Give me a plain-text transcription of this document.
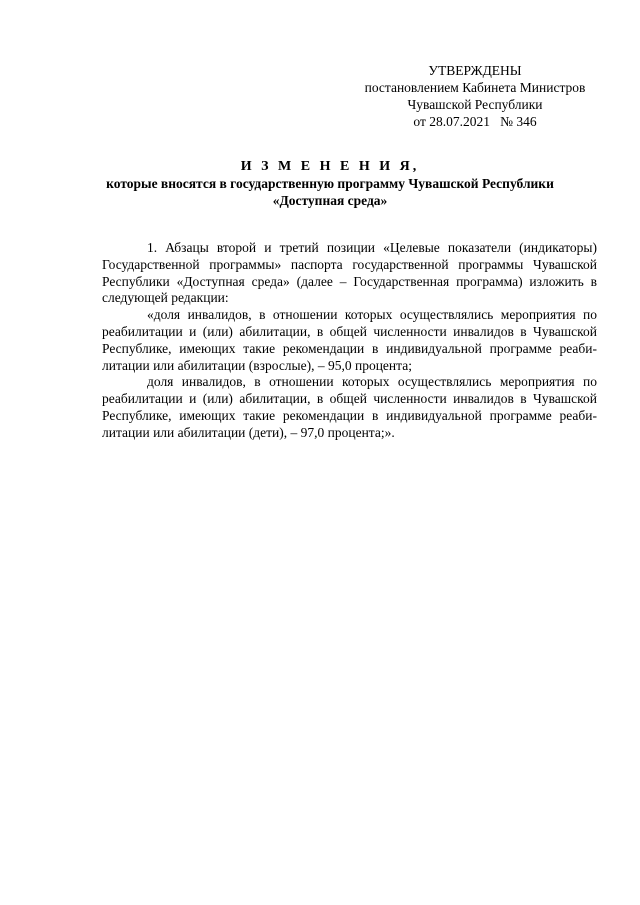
УТВЕРЖДЕНЫ
постановлением Кабинета Министров
Чувашской Республики
от 28.07.2021   № 346
И З М Е Н Е Н И Я,
которые вносятся в государственную программу Чувашской Республики
«Доступная среда»
1. Абзацы второй и третий позиции «Целевые показатели (индикаторы)
Государственной программы» паспорта государственной программы Чувашской
Республики «Доступная среда» (далее – Государственная программа) изложить в
следующей редакции:
«доля инвалидов, в отношении которых осуществлялись мероприятия по
реабилитации и (или) абилитации, в общей численности инвалидов в Чувашской
Республике, имеющих такие рекомендации в индивидуальной программе реаби-
литации или абилитации (взрослые), – 95,0 процента;
доля инвалидов, в отношении которых осуществлялись мероприятия по
реабилитации и (или) абилитации, в общей численности инвалидов в Чувашской
Республике, имеющих такие рекомендации в индивидуальной программе реаби-
литации или абилитации (дети), – 97,0 процента;».
